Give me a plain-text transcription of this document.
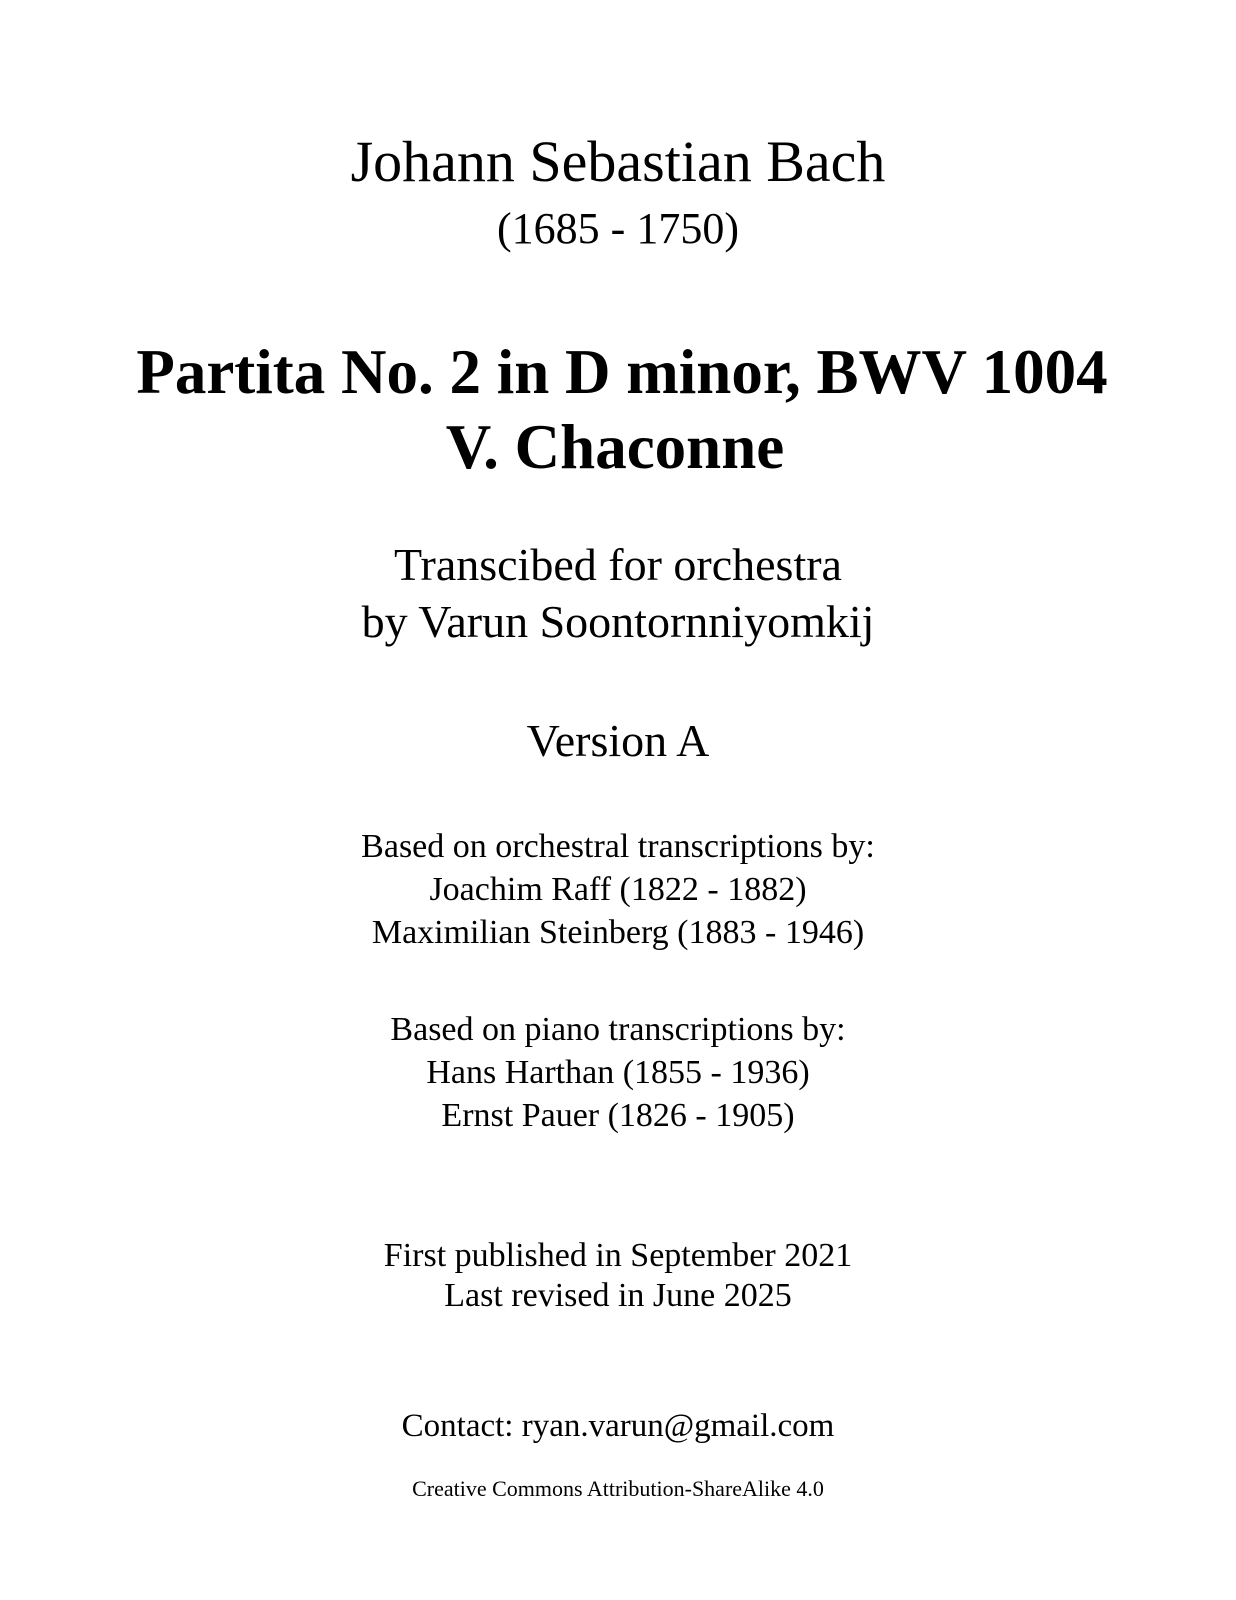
Johann Sebastian Bach
(1685 - 1750)
Partita No. 2 in D minor, BWV 1004
V. Chaconne
Transcibed for orchestra
by Varun Soontornniyomkij
Version A
Based on orchestral transcriptions by:
Joachim Raff (1822 - 1882)
Maximilian Steinberg (1883 - 1946)
Based on piano transcriptions by:
Hans Harthan (1855 - 1936)
Ernst Pauer (1826 - 1905)
First published in September 2021
Last revised in June 2025
Contact: ryan.varun@gmail.com
Creative Commons Attribution-ShareAlike 4.0
